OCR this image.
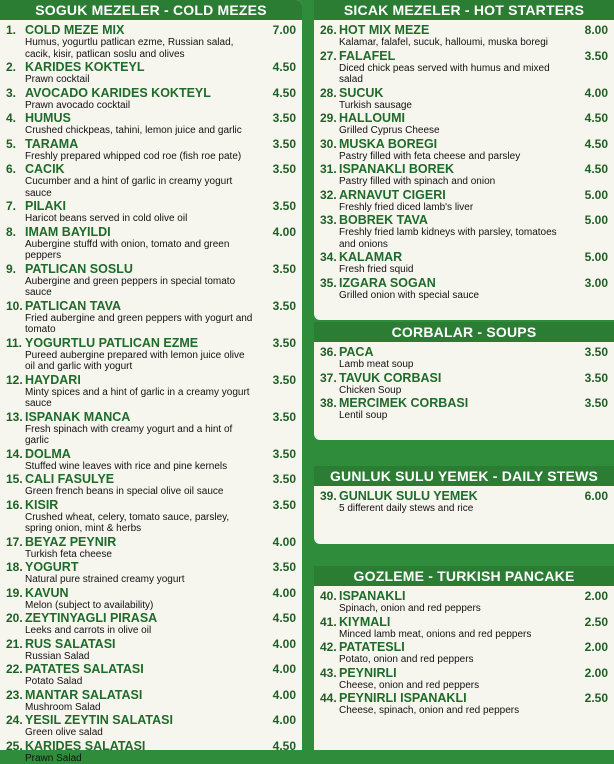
SOGUK MEZELER - COLD MEZES
1. COLD MEZE MIX	7.00
Humus, yogurtlu patlican ezme, Russian salad, cacik, kisir, patlican soslu and olives
2. KARIDES KOKTEYL	4.50
Prawn cocktail
3. AVOCADO KARIDES KOKTEYL	4.50
Prawn avocado cocktail
4. HUMUS	3.50
Crushed chickpeas, tahini, lemon juice and garlic
5. TARAMA	3.50
Freshly prepared whipped cod roe (fish roe pate)
6. CACIK	3.50
Cucumber and a hint of garlic in creamy yogurt sauce
7. PILAKI	3.50
Haricot beans served in cold olive oil
8. IMAM BAYILDI	4.00
Aubergine stuffd with onion, tomato and green peppers
9. PATLICAN SOSLU	3.50
Aubergine and green peppers in special tomato sauce
10. PATLICAN TAVA	3.50
Fried aubergine and green peppers with yogurt and tomato
11. YOGURTLU PATLICAN EZME	3.50
Pureed aubergine prepared with lemon juice olive oil and garlic with yogurt
12. HAYDARI	3.50
Minty spices and a hint of garlic in a creamy yogurt sauce
13. ISPANAK MANCA	3.50
Fresh spinach with creamy yogurt and a hint of garlic
14. DOLMA	3.50
Stuffed wine leaves with rice and pine kernels
15. CALI FASULYE	3.50
Green french beans in special olive oil sauce
16. KISIR	3.50
Crushed wheat, celery, tomato sauce, parsley, spring onion, mint & herbs
17. BEYAZ PEYNIR	4.00
Turkish feta cheese
18. YOGURT	3.50
Natural pure strained creamy yogurt
19. KAVUN	4.00
Melon (subject to availability)
20. ZEYTINYAGLI PIRASA	4.50
Leeks and carrots in olive oil
21. RUS SALATASI	4.00
Russian Salad
22. PATATES SALATASI	4.00
Potato Salad
23. MANTAR SALATASI	4.00
Mushroom Salad
24. YESIL ZEYTIN SALATASI	4.00
Green olive salad
25. KARIDES SALATASI	4.50
Prawn Salad
SICAK MEZELER - HOT STARTERS
26. HOT MIX MEZE	8.00
Kalamar, falafel, sucuk, halloumi, muska boregi
27. FALAFEL	3.50
Diced chick peas served with humus and mixed salad
28. SUCUK	4.00
Turkish sausage
29. HALLOUMI	4.50
Grilled Cyprus Cheese
30. MUSKA BOREGI	4.50
Pastry filled with feta cheese and parsley
31. ISPANAKLI BOREK	4.50
Pastry filled with spinach and onion
32. ARNAVUT CIGERI	5.00
Freshly fried diced lamb's liver
33. BOBREK TAVA	5.00
Freshly fried lamb kidneys with parsley, tomatoes and onions
34. KALAMAR	5.00
Fresh fried squid
35. IZGARA SOGAN	3.00
Grilled onion with special sauce
CORBALAR - SOUPS
36. PACA	3.50
Lamb meat soup
37. TAVUK CORBASI	3.50
Chicken Soup
38. MERCIMEK CORBASI	3.50
Lentil soup
GUNLUK SULU YEMEK - DAILY STEWS
39. GUNLUK SULU YEMEK	6.00
5 different daily stews and rice
GOZLEME - TURKISH PANCAKE
40. ISPANAKLI	2.00
Spinach, onion and red peppers
41. KIYMALI	2.50
Minced lamb meat, onions and red peppers
42. PATATESLI	2.00
Potato, onion and red peppers
43. PEYNIRLI	2.00
Cheese, onion and red peppers
44. PEYNIRLI ISPANAKLI	2.50
Cheese, spinach, onion and red peppers
